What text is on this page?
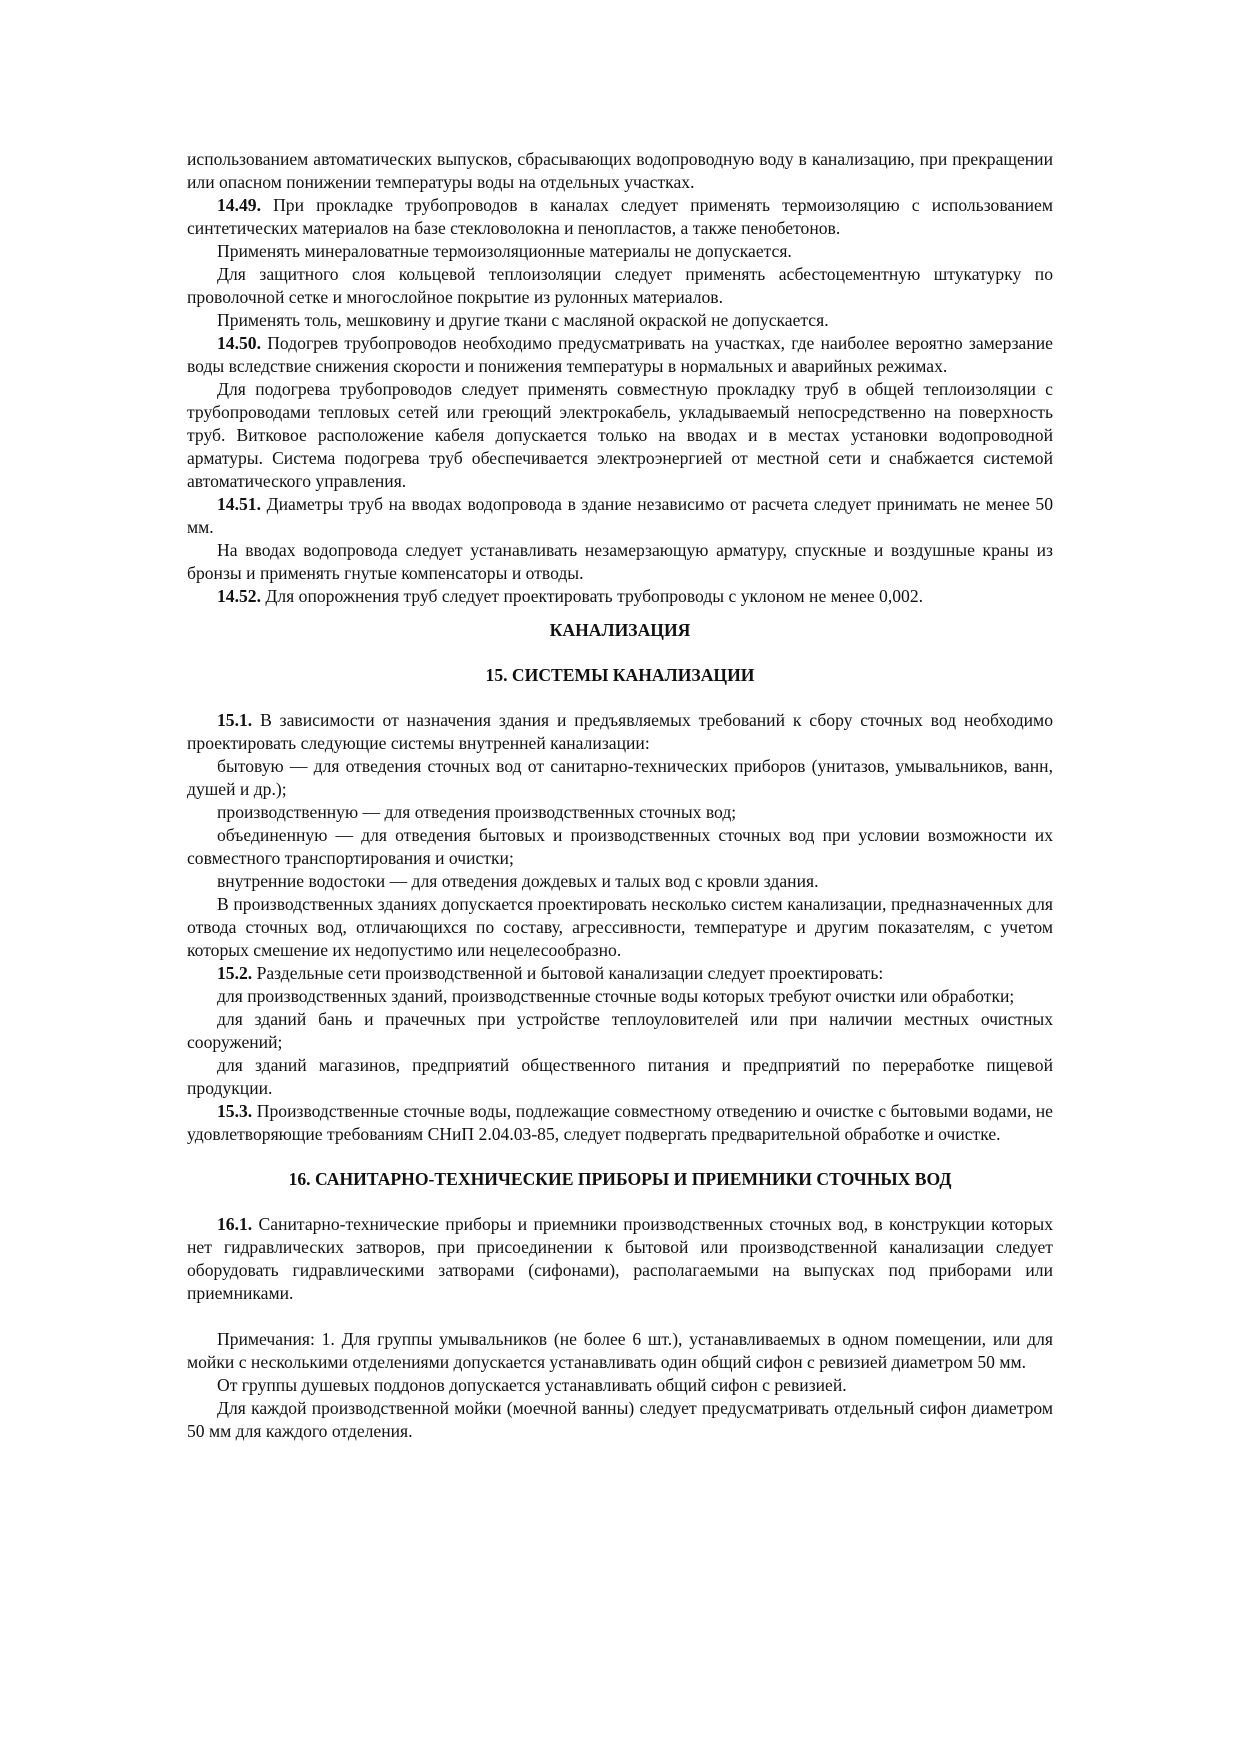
использованием автоматических выпусков, сбрасывающих водопроводную воду в канализацию, при прекращении или опасном понижении температуры воды на отдельных участках.

14.49. При прокладке трубопроводов в каналах следует применять термоизоляцию с использованием синтетических материалов на базе стекловолокна и пенопластов, а также пенобетонов.

Применять минераловатные термоизоляционные материалы не допускается.

Для защитного слоя кольцевой теплоизоляции следует применять асбестоцементную штукатурку по проволочной сетке и многослойное покрытие из рулонных материалов.

Применять толь, мешковину и другие ткани с масляной окраской не допускается.

14.50. Подогрев трубопроводов необходимо предусматривать на участках, где наиболее вероятно замерзание воды вследствие снижения скорости и понижения температуры в нормальных и аварийных режимах.

Для подогрева трубопроводов следует применять совместную прокладку труб в общей теплоизоляции с трубопроводами тепловых сетей или греющий электрокабель, укладываемый непосредственно на поверхность труб. Витковое расположение кабеля допускается только на вводах и в местах установки водопроводной арматуры. Система подогрева труб обеспечивается электроэнергией от местной сети и снабжается системой автоматического управления.

14.51. Диаметры труб на вводах водопровода в здание независимо от расчета следует принимать не менее 50 мм.

На вводах водопровода следует устанавливать незамерзающую арматуру, спускные и воздушные краны из бронзы и применять гнутые компенсаторы и отводы.

14.52. Для опорожнения труб следует проектировать трубопроводы с уклоном не менее 0,002.

КАНАЛИЗАЦИЯ

15. СИСТЕМЫ КАНАЛИЗАЦИИ

15.1. В зависимости от назначения здания и предъявляемых требований к сбору сточных вод необходимо проектировать следующие системы внутренней канализации:

бытовую — для отведения сточных вод от санитарно-технических приборов (унитазов, умывальников, ванн, душей и др.);

производственную — для отведения производственных сточных вод;

объединенную — для отведения бытовых и производственных сточных вод при условии возможности их совместного транспортирования и очистки;

внутренние водостоки — для отведения дождевых и талых вод с кровли здания.

В производственных зданиях допускается проектировать несколько систем канализации, предназначенных для отвода сточных вод, отличающихся по составу, агрессивности, температуре и другим показателям, с учетом которых смешение их недопустимо или нецелесообразно.

15.2. Раздельные сети производственной и бытовой канализации следует проектировать:

для производственных зданий, производственные сточные воды которых требуют очистки или обработки;

для зданий бань и прачечных при устройстве теплоуловителей или при наличии местных очистных сооружений;

для зданий магазинов, предприятий общественного питания и предприятий по переработке пищевой продукции.

15.3. Производственные сточные воды, подлежащие совместному отведению и очистке с бытовыми водами, не удовлетворяющие требованиям СНиП 2.04.03-85, следует подвергать предварительной обработке и очистке.

16. САНИТАРНО-ТЕХНИЧЕСКИЕ ПРИБОРЫ И ПРИЕМНИКИ СТОЧНЫХ ВОД

16.1. Санитарно-технические приборы и приемники производственных сточных вод, в конструкции которых нет гидравлических затворов, при присоединении к бытовой или производственной канализации следует оборудовать гидравлическими затворами (сифонами), располагаемыми на выпусках под приборами или приемниками.

Примечания: 1. Для группы умывальников (не более 6 шт.), устанавливаемых в одном помещении, или для мойки с несколькими отделениями допускается устанавливать один общий сифон с ревизией диаметром 50 мм.

От группы душевых поддонов допускается устанавливать общий сифон с ревизией.

Для каждой производственной мойки (моечной ванны) следует предусматривать отдельный сифон диаметром 50 мм для каждого отделения.
